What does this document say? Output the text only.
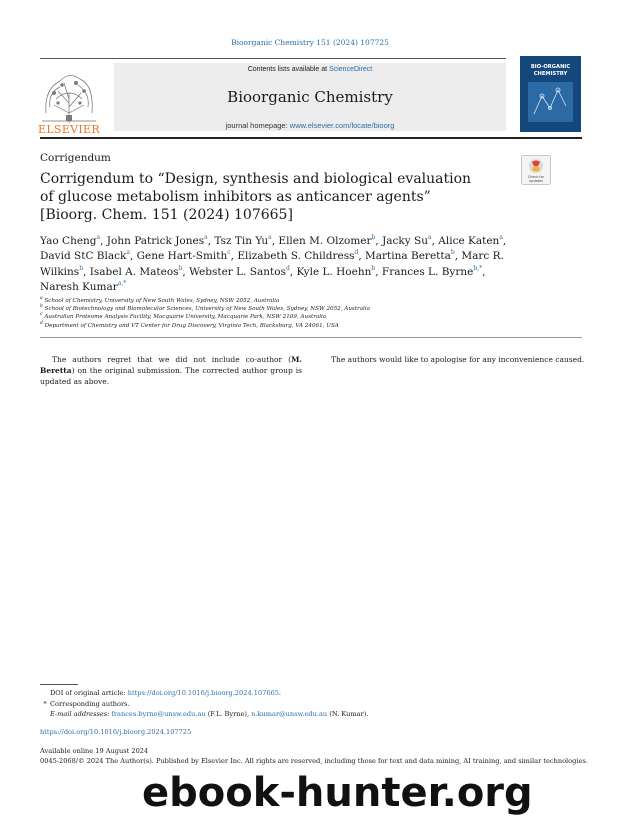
Bioorganic Chemistry 151 (2024) 107725
ELSEVIER
Contents lists available at ScienceDirect
Bioorganic Chemistry
journal homepage: www.elsevier.com/locate/bioorg
BIO-ORGANIC
CHEMISTRY
Corrigendum
Check for
updates
Corrigendum to “Design, synthesis and biological evaluation of glucose metabolism inhibitors as anticancer agents” [Bioorg. Chem. 151 (2024) 107665]
Yao Cheng$^a$, John Patrick Jones$^a$, Tsz Tin Yu$^a$, Ellen M. Olzomer$^b$, Jacky Su$^a$, Alice Katen$^a$, David StC Black$^a$, Gene Hart-Smith$^c$, Elizabeth S. Childress$^d$, Martina Beretta$^b$, Marc R. Wilkins$^b$, Isabel A. Mateos$^b$, Webster L. Santos$^d$, Kyle L. Hoehn$^b$, Frances L. Byrne$^{b,*}$, Naresh Kumar$^{a,*}$
$^a$ School of Chemistry, University of New South Wales, Sydney, NSW 2052, Australia
$^b$ School of Biotechnology and Biomolecular Sciences, University of New South Wales, Sydney, NSW 2052, Australia
$^c$ Australian Proteome Analysis Facility, Macquarie University, Macquarie Park, NSW 2109, Australia
$^d$ Department of Chemistry and VT Center for Drug Discovery, Virginia Tech, Blacksburg, VA 24061, USA
The authors regret that we did not include co-author (M. Beretta) on the original submission. The corrected author group is updated as above.
The authors would like to apologise for any inconvenience caused.
DOI of original article: https://doi.org/10.1016/j.bioorg.2024.107665.
* Corresponding authors.
E-mail addresses: frances.byrne@unsw.edu.au (F.L. Byrne), n.kumar@unsw.edu.au (N. Kumar).
https://doi.org/10.1016/j.bioorg.2024.107725
Available online 19 August 2024
0045-2068/© 2024 The Author(s). Published by Elsevier Inc. All rights are reserved, including those for text and data mining, AI training, and similar technologies.
ebook-hunter.org
